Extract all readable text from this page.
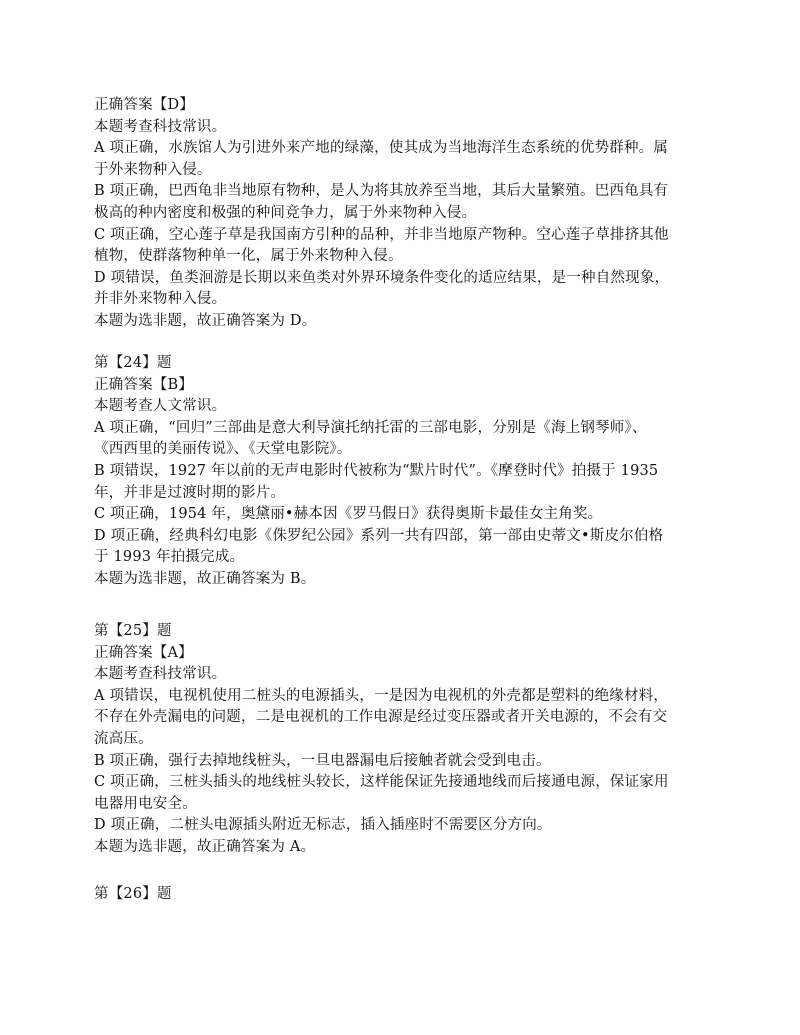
正确答案【D】
本题考查科技常识。
A 项正确，水族馆人为引进外来产地的绿藻，使其成为当地海洋生态系统的优势群种。属
于外来物种入侵。
B 项正确，巴西龟非当地原有物种，是人为将其放养至当地，其后大量繁殖。巴西龟具有
极高的种内密度和极强的种间竞争力，属于外来物种入侵。
C 项正确，空心莲子草是我国南方引种的品种，并非当地原产物种。空心莲子草排挤其他
植物，使群落物种单一化，属于外来物种入侵。
D 项错误，鱼类洄游是长期以来鱼类对外界环境条件变化的适应结果，是一种自然现象，
并非外来物种入侵。
本题为选非题，故正确答案为 D。
第【24】题
正确答案【B】
本题考查人文常识。
A 项正确，“回归”三部曲是意大利导演托纳托雷的三部电影，分别是《海上钢琴师》、
《西西里的美丽传说》、《天堂电影院》。
B 项错误，1927 年以前的无声电影时代被称为“默片时代”。《摩登时代》拍摄于 1935
年，并非是过渡时期的影片。
C 项正确，1954 年，奥黛丽•赫本因《罗马假日》获得奥斯卡最佳女主角奖。
D 项正确，经典科幻电影《侏罗纪公园》系列一共有四部，第一部由史蒂文•斯皮尔伯格
于 1993 年拍摄完成。
本题为选非题，故正确答案为 B。
第【25】题
正确答案【A】
本题考查科技常识。
A 项错误，电视机使用二桩头的电源插头，一是因为电视机的外壳都是塑料的绝缘材料，
不存在外壳漏电的问题，二是电视机的工作电源是经过变压器或者开关电源的，不会有交
流高压。
B 项正确，强行去掉地线桩头，一旦电器漏电后接触者就会受到电击。
C 项正确，三桩头插头的地线桩头较长，这样能保证先接通地线而后接通电源，保证家用
电器用电安全。
D 项正确，二桩头电源插头附近无标志，插入插座时不需要区分方向。
本题为选非题，故正确答案为 A。
第【26】题
